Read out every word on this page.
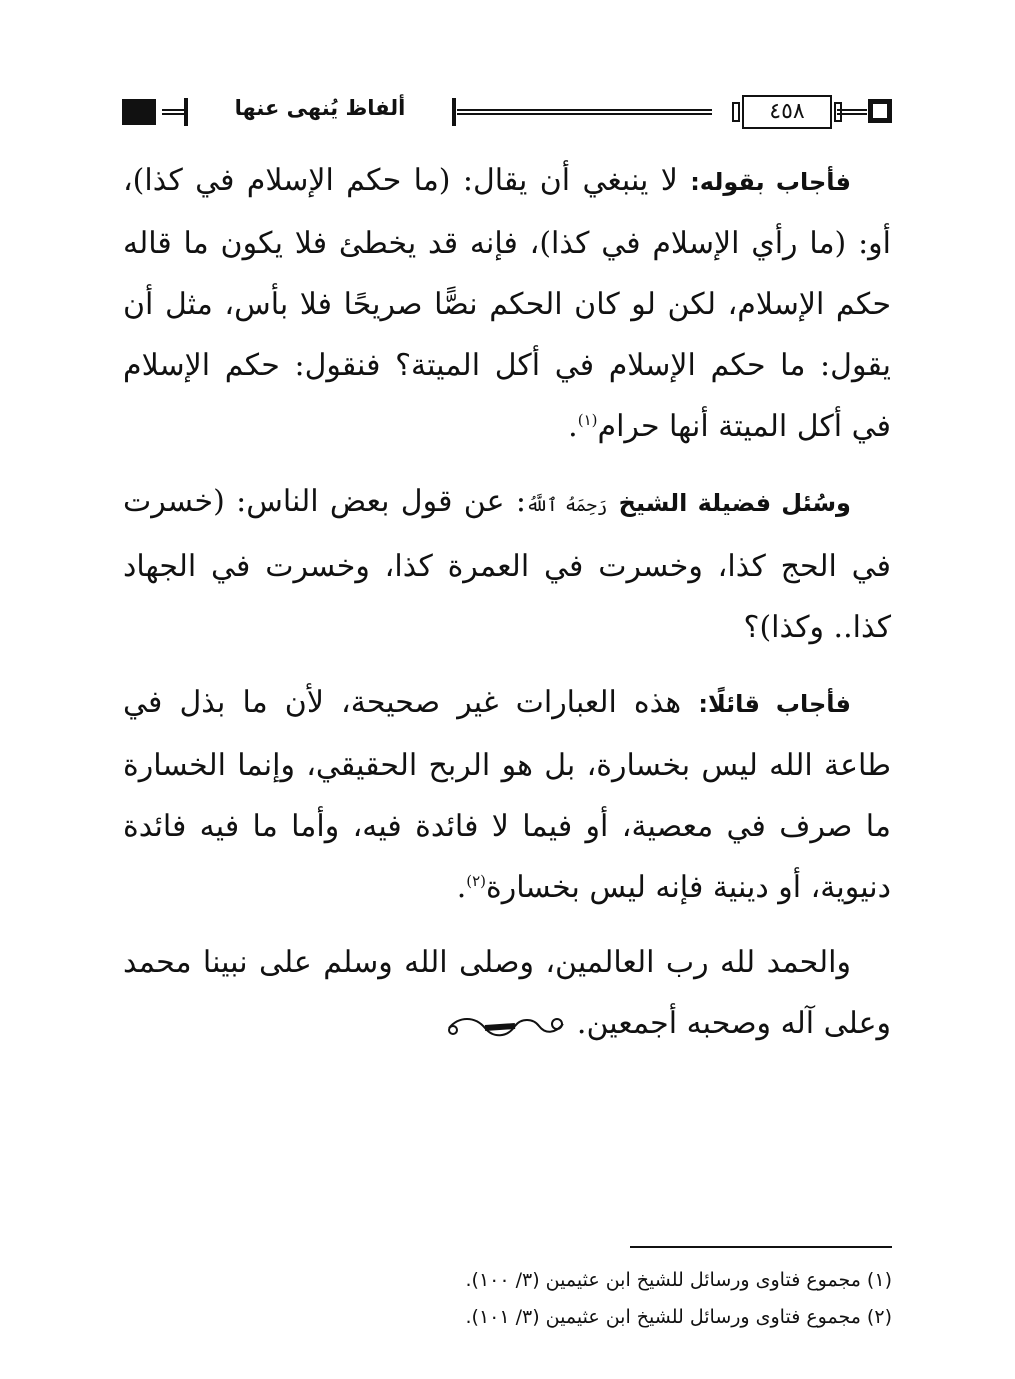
ألفاظ يُنهى عنها	٤٥٨

فأجاب بقوله: لا ينبغي أن يقال: (ما حكم الإسلام في كذا)، أو: (ما رأي الإسلام في كذا)، فإنه قد يخطئ فلا يكون ما قاله حكم الإسلام، لكن لو كان الحكم نصًّا صريحًا فلا بأس، مثل أن يقول: ما حكم الإسلام في أكل الميتة؟ فنقول: حكم الإسلام في أكل الميتة أنها حرام$^{(١)}$.

وسُئل فضيلة الشيخ رَحِمَهُ ٱللَّهُ: عن قول بعض الناس: (خسرت في الحج كذا، وخسرت في العمرة كذا، وخسرت في الجهاد كذا.. وكذا)؟

فأجاب قائلًا: هذه العبارات غير صحيحة، لأن ما بذل في طاعة الله ليس بخسارة، بل هو الربح الحقيقي، وإنما الخسارة ما صرف في معصية، أو فيما لا فائدة فيه، وأما ما فيه فائدة دنيوية، أو دينية فإنه ليس بخسارة$^{(٢)}$.

والحمد لله رب العالمين، وصلى الله وسلم على نبينا محمد وعلى آله وصحبه أجمعين.

(١) مجموع فتاوى ورسائل للشيخ ابن عثيمين (٣/ ١٠٠).
(٢) مجموع فتاوى ورسائل للشيخ ابن عثيمين (٣/ ١٠١).
